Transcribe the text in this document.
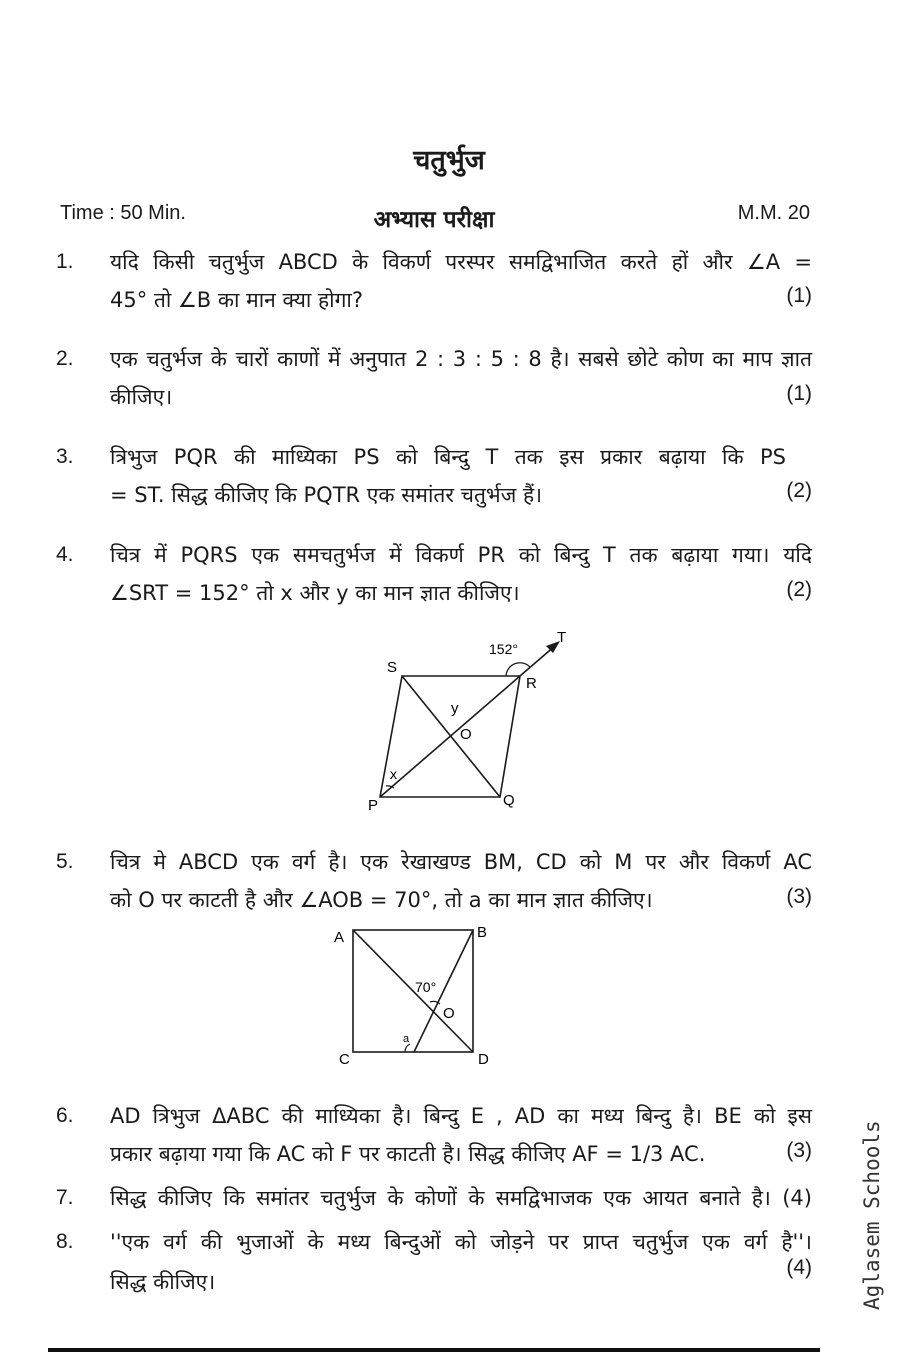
चतुर्भुज
Time : 50 Min.	अभ्यास परीक्षा	M.M. 20
1. यदि किसी चतुर्भुज ABCD के विकर्ण परस्पर समद्विभाजित करते हों और ∠A =
45° तो ∠B का मान क्या होगा?	(1)
2. एक चतुर्भज के चारों काणों में अनुपात 2 : 3 : 5 : 8 है। सबसे छोटे कोण का माप ज्ञात
कीजिए।	(1)
3. त्रिभुज PQR की माध्यिका PS को बिन्दु T तक इस प्रकार बढ़ाया कि PS
= ST. सिद्ध कीजिए कि PQTR एक समांतर चतुर्भज हैं।	(2)
4. चित्र में PQRS एक समचतुर्भज में विकर्ण PR को बिन्दु T तक बढ़ाया गया। यदि
∠SRT = 152° तो x और y का मान ज्ञात कीजिए।	(2)
152°
T
S
R
P	Q
O
y
x
5. चित्र मे ABCD एक वर्ग है। एक रेखाखण्ड BM, CD को M पर और विकर्ण AC
को O पर काटती है और ∠AOB = 70°, तो a का मान ज्ञात कीजिए।	(3)
A	B
C	D
O
70°
a
6. AD त्रिभुज ΔABC की माध्यिका है। बिन्दु E , AD का मध्य बिन्दु है। BE को इस
प्रकार बढ़ाया गया कि AC को F पर काटती है। सिद्ध कीजिए AF = 1/3 AC.	(3)
7. सिद्ध कीजिए कि समांतर चतुर्भुज के कोणों के समद्विभाजक एक आयत बनाते है। (4)
8. ''एक वर्ग की भुजाओं के मध्य बिन्दुओं को जोड़ने पर प्राप्त चतुर्भुज एक वर्ग है''।
सिद्ध कीजिए।
(4) Aglasem Schools
